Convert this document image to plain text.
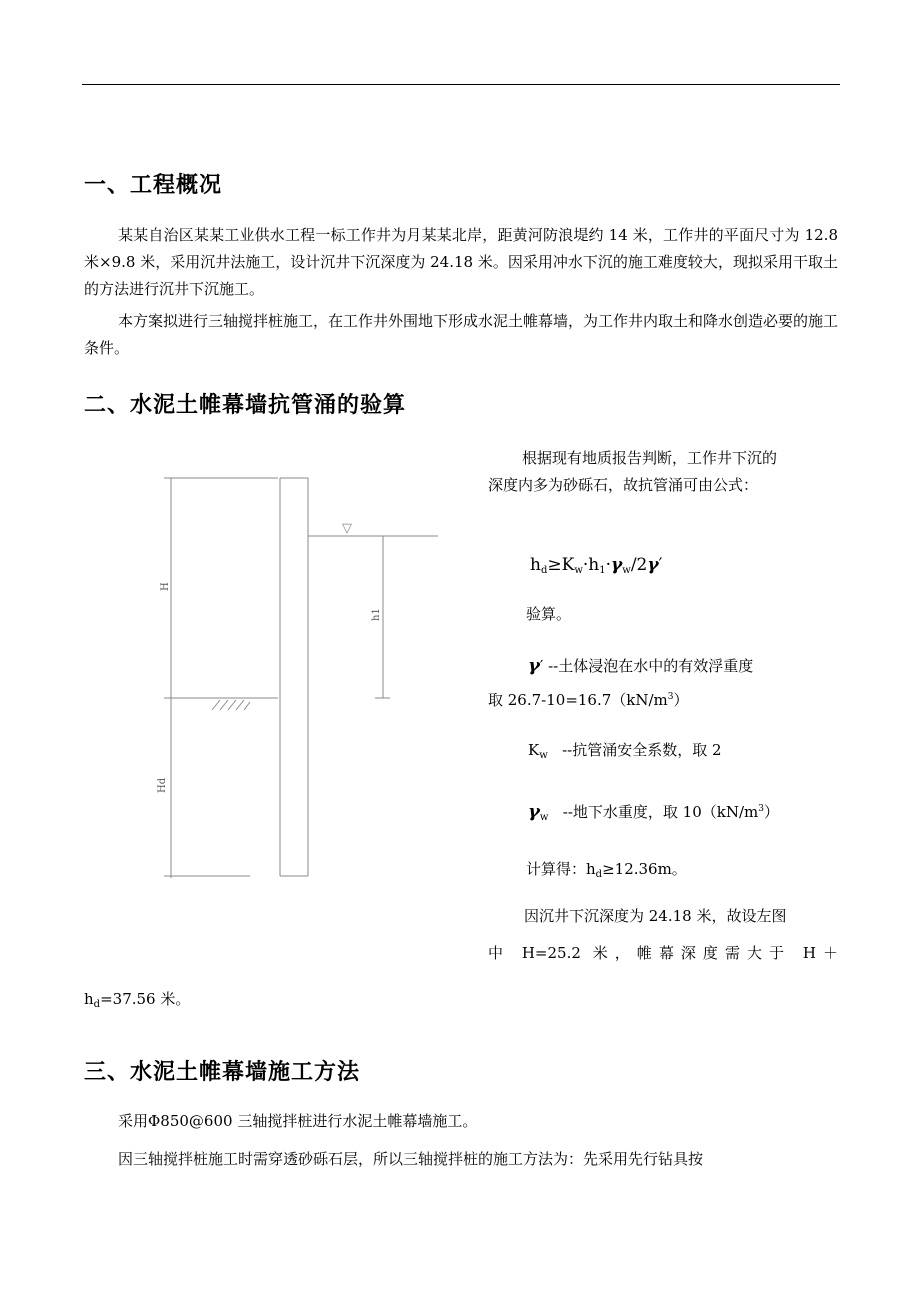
一、工程概况
某某自治区某某工业供水工程一标工作井为月某某北岸，距黄河防浪堤约 14 米，工作井的平面尺寸为 12.8 米×9.8 米，采用沉井法施工，设计沉井下沉深度为 24.18 米。因采用冲水下沉的施工难度较大，现拟采用干取土的方法进行沉井下沉施工。
本方案拟进行三轴搅拌桩施工，在工作井外围地下形成水泥土帷幕墙，为工作井内取土和降水创造必要的施工条件。
二、水泥土帷幕墙抗管涌的验算
▽
H
h1
Hd
根据现有地质报告判断，工作井下沉的
深度内多为砂砾石，故抗管涌可由公式：
$h_d\ge K_w\cdot h_1\cdot\gamma_w/2\gamma'$
验算。
γ′ --土体浸泡在水中的有效浮重度
取 $26.7-10=16.7(kN/m^3)$
$K_w$ --抗管涌安全系数，取 2
$\gamma_w$ --地下水重度，取 $10(kN/m^3)$
计算得：$h_d\ge 12.36m$。
因沉井下沉深度为 24.18 米，故设左图
中 H=25.2 米，帷幕深度需大于 H＋
$h_d=37.56$ 米。
三、水泥土帷幕墙施工方法
采用Φ850@600 三轴搅拌桩进行水泥土帷幕墙施工。
因三轴搅拌桩施工时需穿透砂砾石层，所以三轴搅拌桩的施工方法为：先采用先行钻具按
